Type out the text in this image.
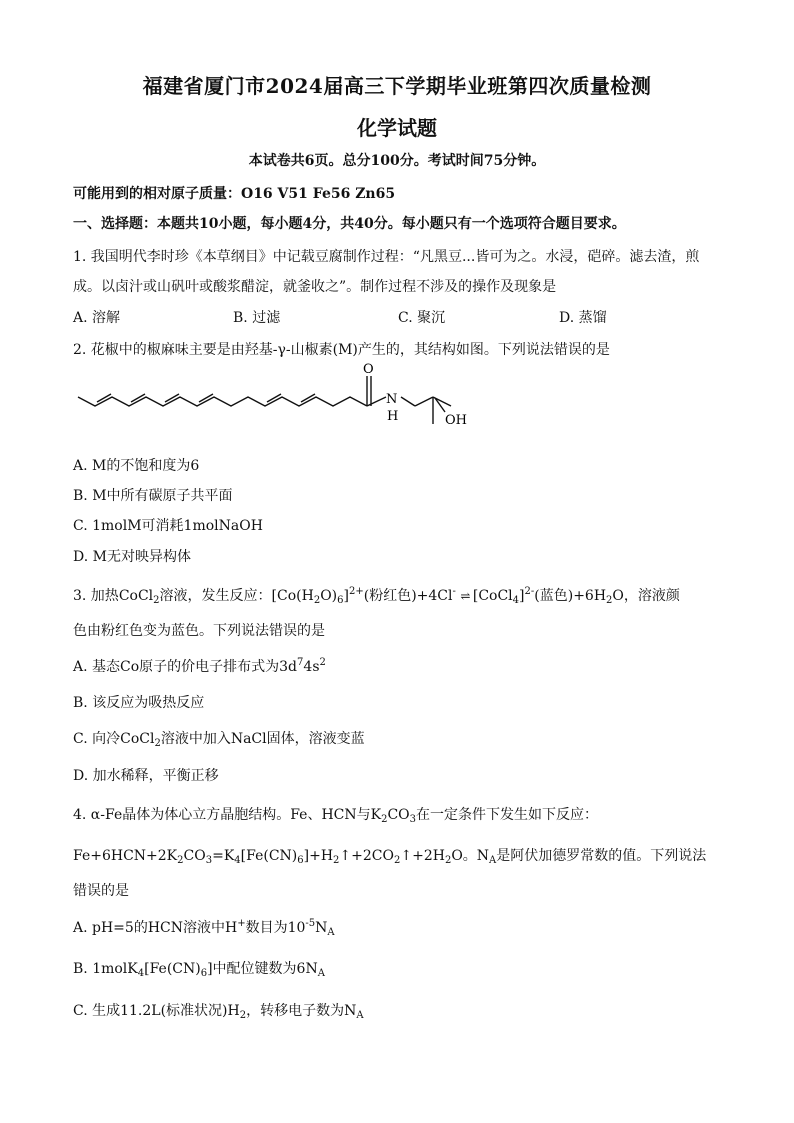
福建省厦门市2024届高三下学期毕业班第四次质量检测
化学试题
本试卷共6页。总分100分。考试时间75分钟。
可能用到的相对原子质量：O16 V51 Fe56 Zn65
一、选择题：本题共10小题，每小题4分，共40分。每小题只有一个选项符合题目要求。
1. 我国明代李时珍《本草纲目》中记载豆腐制作过程：“凡黑豆...皆可为之。水浸，硙碎。滤去渣，煎
成。以卤汁或山矾叶或酸浆醋淀，就釜收之”。制作过程不涉及的操作及现象是
A. 溶解	B. 过滤	C. 聚沉	D. 蒸馏
2. 花椒中的椒麻味主要是由羟基-γ-山椒素(M)产生的，其结构如图。下列说法错误的是
O
N
H	OH
A. M的不饱和度为6
B. M中所有碳原子共平面
C. 1molM可消耗1molNaOH
D. M无对映异构体
3. 加热CoCl$_2$溶液，发生反应：$[Co(H_2O)_6]^{2+}$(粉红色)+4Cl- ⇌ [CoCl$_4$]$^{2-}$(蓝色)$+6H_2O$，溶液颜
色由粉红色变为蓝色。下列说法错误的是
A. 基态Co原子的价电子排布式为$3d^74s^2$
B. 该反应为吸热反应
C. 向冷CoCl$_2$溶液中加入NaCl固体，溶液变蓝
D. 加水稀释，平衡正移
4. α-Fe晶体为体心立方晶胞结构。Fe、HCN与$K_2CO_3$在一定条件下发生如下反应：
$Fe+6HCN+2K_2CO_3=K_4[Fe(CN)_6]+H_2↑+2CO_2↑+2H_2O$。$N_A$是阿伏加德罗常数的值。下列说法
错误的是
A. pH=5的HCN溶液中H+数目为$10^{-5}N_A$
B. $1molK_4[Fe(CN)_6]$中配位键数为$6N_A$
C. 生成11.2L(标准状况)$H_2$，转移电子数为$N_A$
